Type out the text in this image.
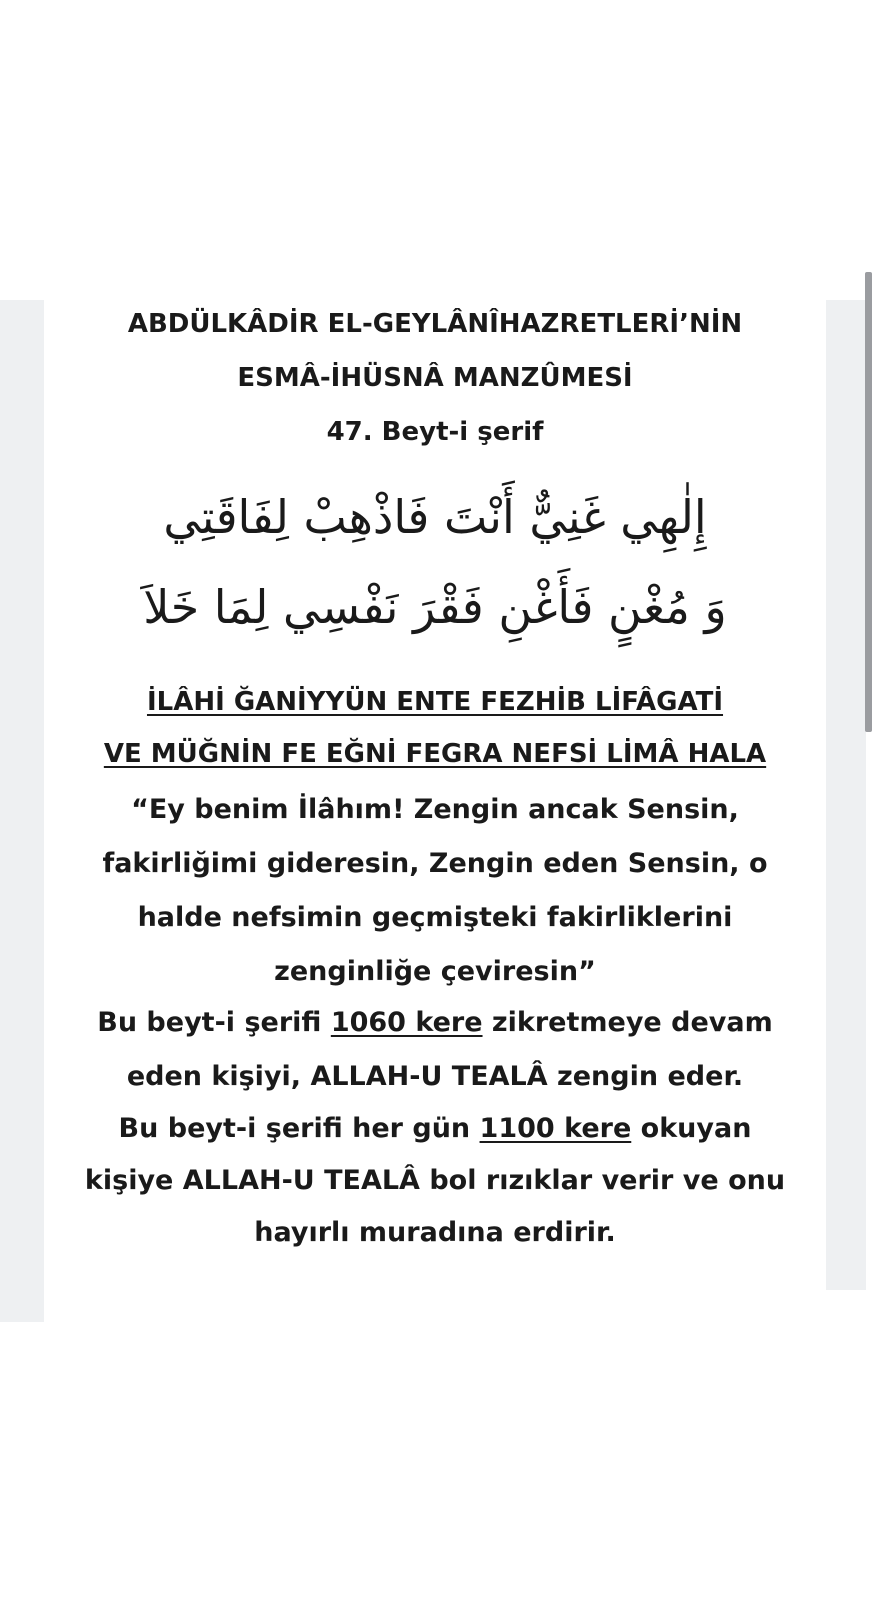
ABDÜLKÂDİR EL-GEYLÂNÎHAZRETLERİ’NİN
ESMÂ-İHÜSNÂ MANZÛMESİ
47. Beyt-i şerif
إِلٰهِي غَنِيٌّ أَنْتَ فَاذْهِبْ لِفَاقَتِي
وَ مُغْنٍ فَأَغْنِ فَقْرَ نَفْسِي لِمَا خَلاَ
İLÂHİ ĞANİYYÜN ENTE FEZHİB LİFÂGATİ
VE MÜĞNİN FE EĞNİ FEGRA NEFSİ LİMÂ HALA
“Ey benim İlâhım! Zengin ancak Sensin,
fakirliğimi gideresin, Zengin eden Sensin, o
halde nefsimin geçmişteki fakirliklerini
zenginliğe çeviresin”
Bu beyt-i şerifi 1060 kere zikretmeye devam
eden kişiyi, ALLAH-U TEALÂ zengin eder.
Bu beyt-i şerifi her gün 1100 kere okuyan
kişiye ALLAH-U TEALÂ bol rızıklar verir ve onu
hayırlı muradına erdirir.
